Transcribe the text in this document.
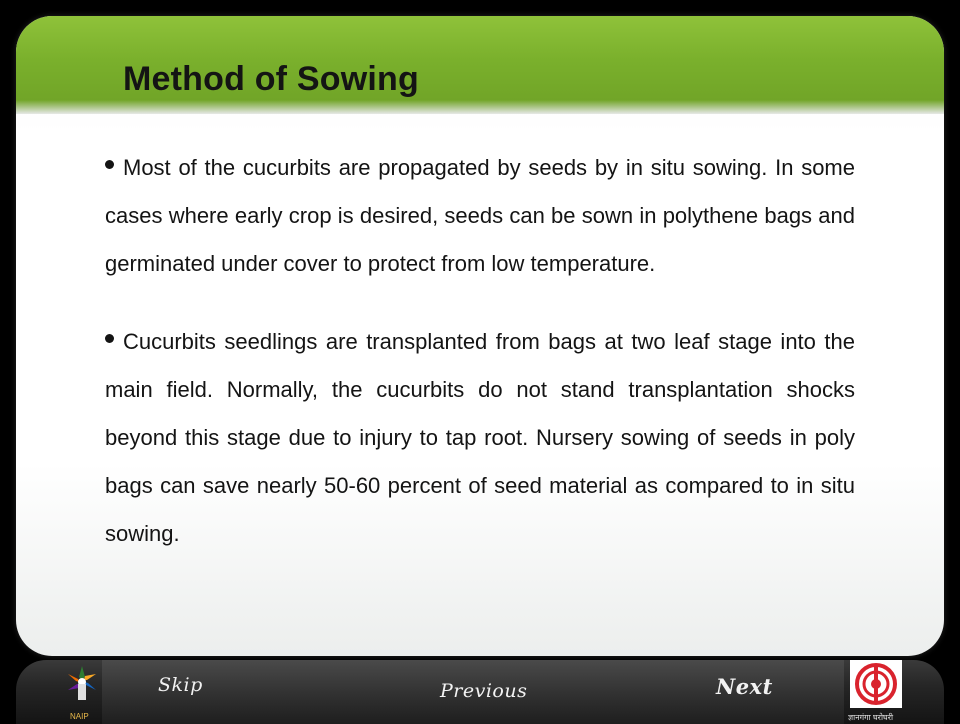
Method of Sowing

Most of the cucurbits are propagated by seeds by in situ sowing. In some cases where early crop is desired, seeds can be sown in polythene bags and germinated under cover to protect from low temperature.

Cucurbits seedlings are transplanted from bags at two leaf stage into the main field. Normally, the cucurbits do not stand transplantation shocks beyond this stage due to injury to tap root. Nursery sowing of seeds in poly bags can save nearly 50-60 percent of seed material as compared to in situ sowing.

NAIP
Skip	Previous	Next
ज्ञानगंगा घरोघरी
